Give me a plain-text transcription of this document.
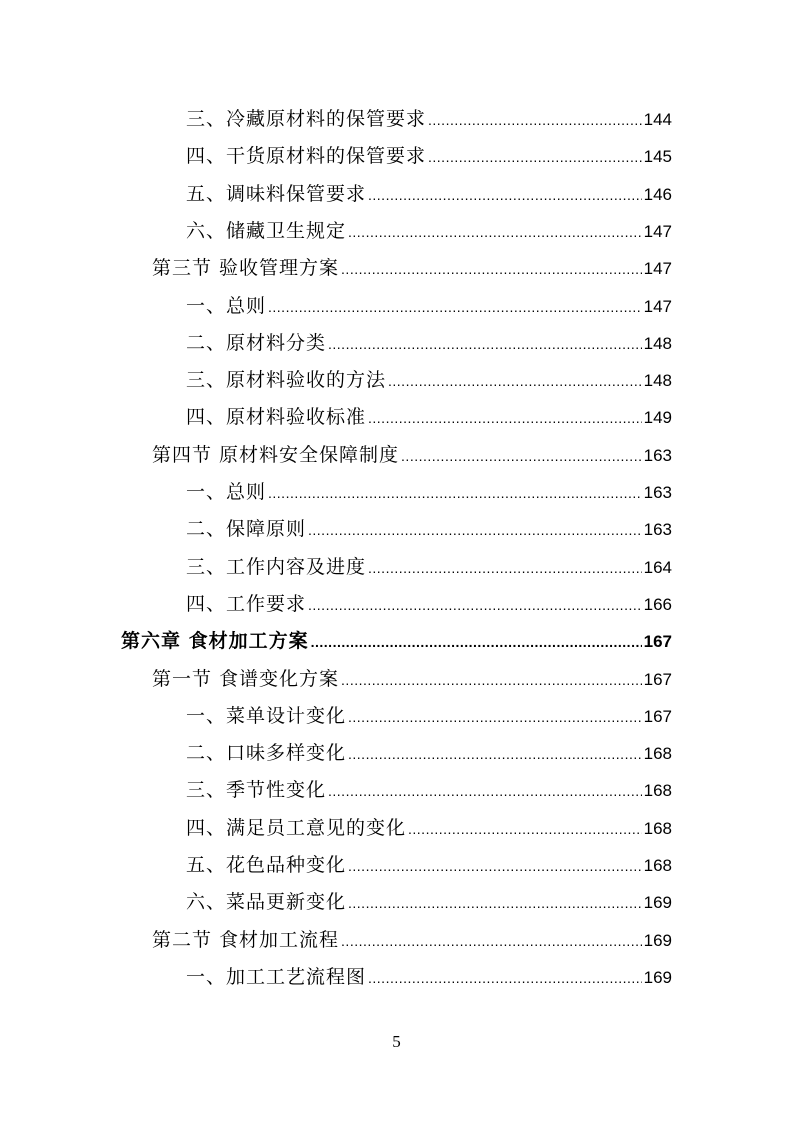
三、冷藏原材料的保管要求 .....	144
四、干货原材料的保管要求 .....	145
五、调味料保管要求 .....	146
六、储藏卫生规定 .....	147
第三节 验收管理方案 .....	147
一、总则 .....	147
二、原材料分类 .....	148
三、原材料验收的方法 .....	148
四、原材料验收标准 .....	149
第四节 原材料安全保障制度 .....	163
一、总则 .....	163
二、保障原则 .....	163
三、工作内容及进度 .....	164
四、工作要求 .....	166
第六章 食材加工方案 .....	167
第一节 食谱变化方案 .....	167
一、菜单设计变化 .....	167
二、口味多样变化 .....	168
三、季节性变化 .....	168
四、满足员工意见的变化 .....	168
五、花色品种变化 .....	168
六、菜品更新变化 .....	169
第二节 食材加工流程 .....	169
一、加工工艺流程图 .....	169
5
